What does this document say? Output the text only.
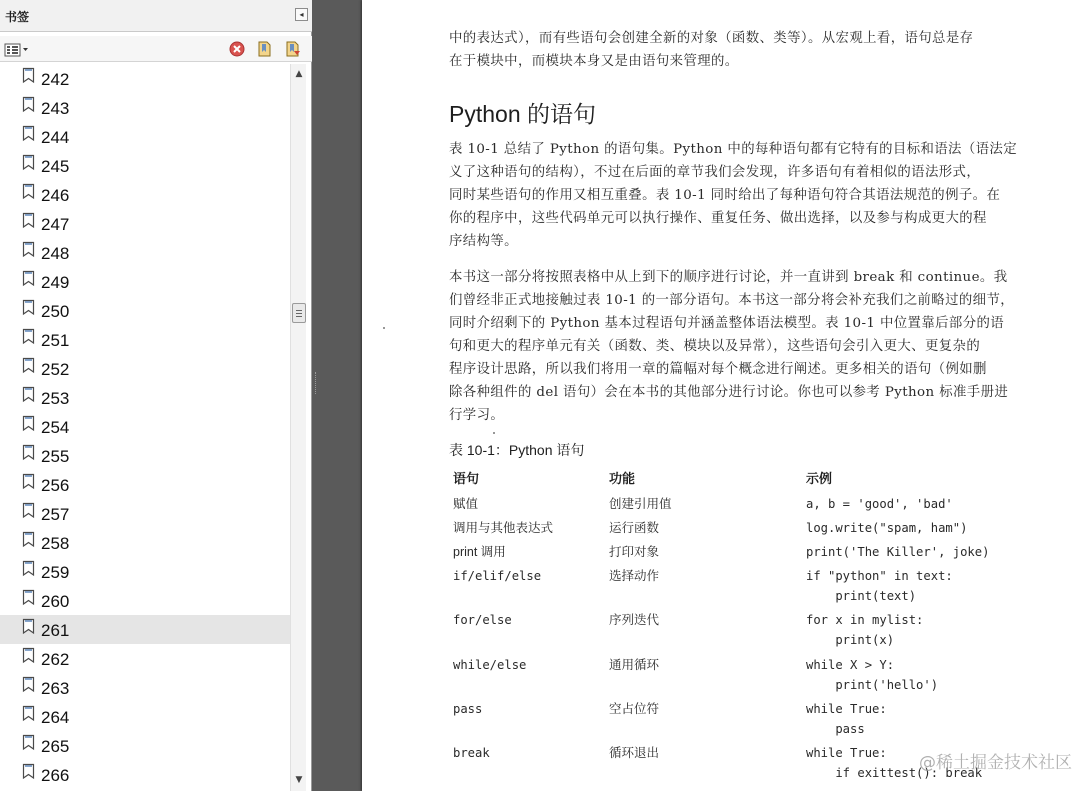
书签	◂
242
243
244
245
246
247
248
249
250
251
252
253
254
255
256
257
258
259
260
261
262
263
264
265
266
▲
▼
中的表达式），而有些语句会创建全新的对象（函数、类等）。从宏观上看，语句总是存
在于模块中，而模块本身又是由语句来管理的。
Python 的语句
表 10-1 总结了 Python 的语句集。Python 中的每种语句都有它特有的目标和语法（语法定
义了这种语句的结构），不过在后面的章节我们会发现，许多语句有着相似的语法形式，
同时某些语句的作用又相互重叠。表 10-1 同时给出了每种语句符合其语法规范的例子。在
你的程序中，这些代码单元可以执行操作、重复任务、做出选择，以及参与构成更大的程
序结构等。
本书这一部分将按照表格中从上到下的顺序进行讨论，并一直讲到 break 和 continue。我
们曾经非正式地接触过表 10-1 的一部分语句。本书这一部分将会补充我们之前略过的细节，
同时介绍剩下的 Python 基本过程语句并涵盖整体语法模型。表 10-1 中位置靠后部分的语
句和更大的程序单元有关（函数、类、模块以及异常），这些语句会引入更大、更复杂的
程序设计思路，所以我们将用一章的篇幅对每个概念进行阐述。更多相关的语句（例如删
除各种组件的 del 语句）会在本书的其他部分进行讨论。你也可以参考 Python 标准手册进
行学习。
表 10-1：Python 语句
语句	功能	示例
赋值	创建引用值	a, b = 'good', 'bad'
调用与其他表达式	运行函数	log.write("spam, ham")
print 调用	打印对象	print('The Killer', joke)
if/elif/else	选择动作	if "python" in text:
print(text)
for/else	序列迭代	for x in mylist:
print(x)
while/else	通用循环	while X > Y:
print('hello')
pass	空占位符	while True:
pass
break	循环退出	while True:
if exittest(): break
@稀土掘金技术社区
